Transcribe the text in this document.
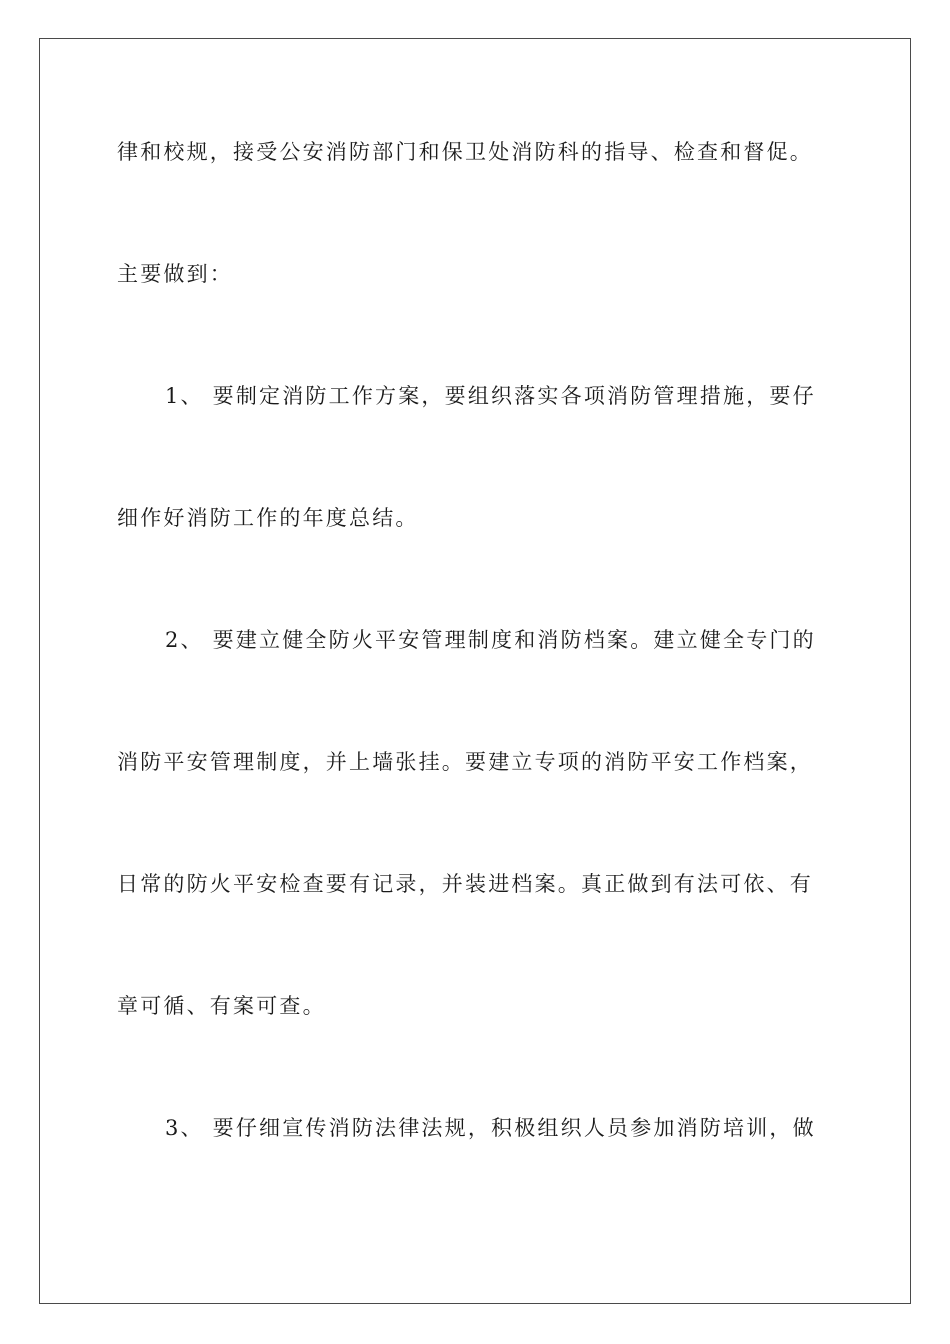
律和校规，接受公安消防部门和保卫处消防科的指导、检查和督促。

主要做到：

1、 要制定消防工作方案，要组织落实各项消防管理措施，要仔

细作好消防工作的年度总结。

2、 要建立健全防火平安管理制度和消防档案。建立健全专门的

消防平安管理制度，并上墙张挂。要建立专项的消防平安工作档案，

日常的防火平安检查要有记录，并装进档案。真正做到有法可依、有

章可循、有案可查。

3、 要仔细宣传消防法律法规，积极组织人员参加消防培训，做
